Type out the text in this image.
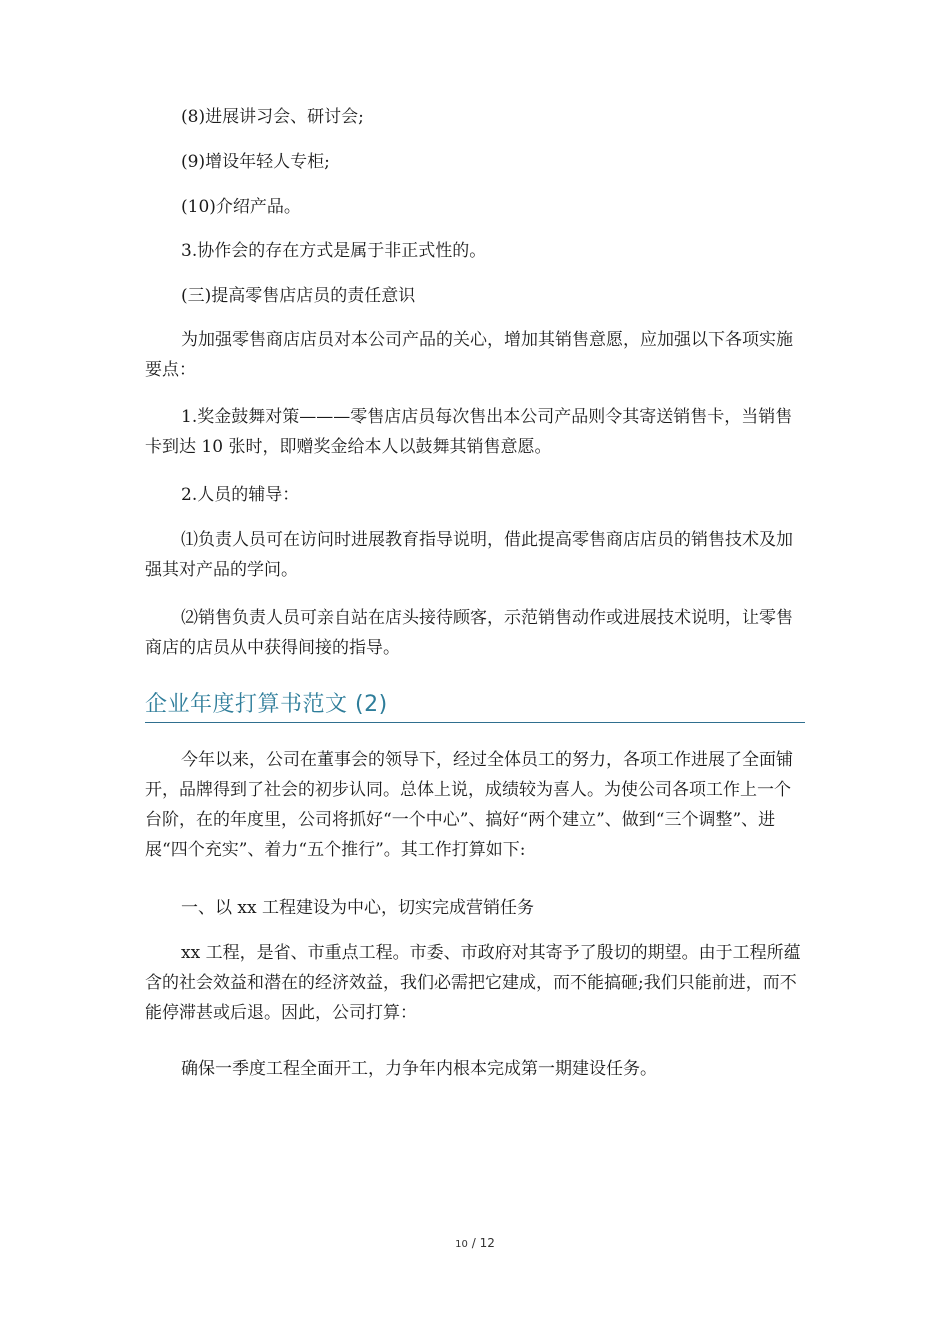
(8)进展讲习会、研讨会;

(9)增设年轻人专柜;

(10)介绍产品。

3.协作会的存在方式是属于非正式性的。

(三)提高零售店店员的责任意识

为加强零售商店店员对本公司产品的关心，增加其销售意愿，应加强以下各项实施要点：

1.奖金鼓舞对策———零售店店员每次售出本公司产品则令其寄送销售卡，当销售卡到达 10 张时，即赠奖金给本人以鼓舞其销售意愿。

2.人员的辅导：

⑴负责人员可在访问时进展教育指导说明，借此提高零售商店店员的销售技术及加强其对产品的学问。

⑵销售负责人员可亲自站在店头接待顾客，示范销售动作或进展技术说明，让零售商店的店员从中获得间接的指导。

企业年度打算书范文 (2)

今年以来，公司在董事会的领导下，经过全体员工的努力，各项工作进展了全面铺开，品牌得到了社会的初步认同。总体上说，成绩较为喜人。为使公司各项工作上一个台阶，在的年度里，公司将抓好“一个中心”、搞好“两个建立”、做到“三个调整”、进展“四个充实”、着力“五个推行”。其工作打算如下:

一、以 xx 工程建设为中心，切实完成营销任务

xx 工程，是省、市重点工程。市委、市政府对其寄予了殷切的期望。由于工程所蕴含的社会效益和潜在的经济效益，我们必需把它建成，而不能搞砸;我们只能前进，而不能停滞甚或后退。因此，公司打算：

确保一季度工程全面开工，力争年内根本完成第一期建设任务。

10 / 12
